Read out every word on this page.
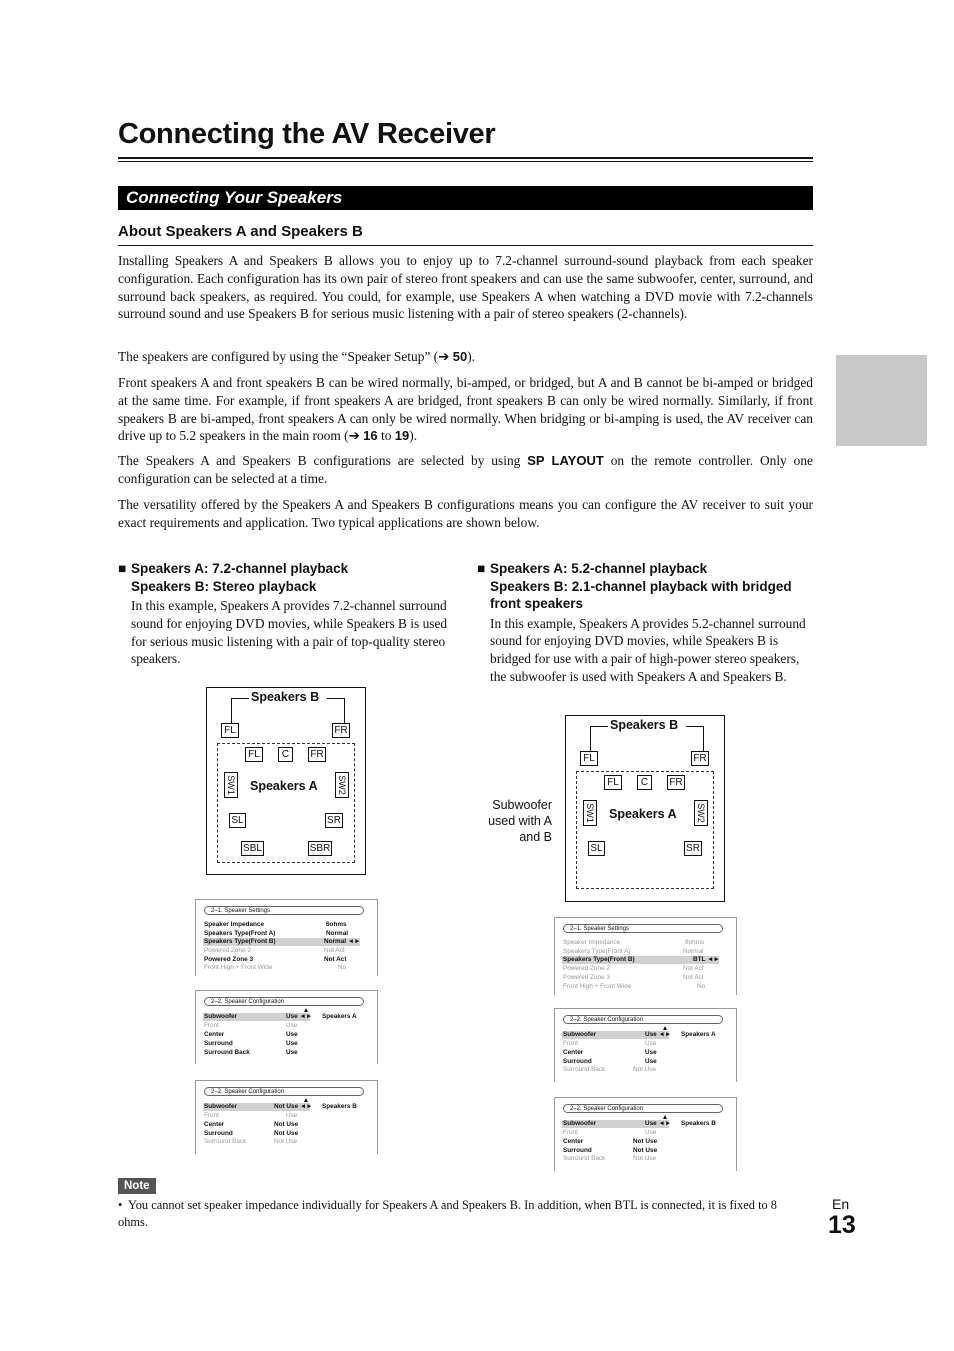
Connecting the AV Receiver
Connecting Your Speakers
About Speakers A and Speakers B

Installing Speakers A and Speakers B allows you to enjoy up to 7.2-channel surround-sound playback from each speaker configuration. Each configuration has its own pair of stereo front speakers and can use the same subwoofer, center, surround, and surround back speakers, as required. You could, for example, use Speakers A when watching a DVD movie with 7.2-channels surround sound and use Speakers B for serious music listening with a pair of stereo speakers (2-channels).

The speakers are configured by using the “Speaker Setup” (➔ 50).

Front speakers A and front speakers B can be wired normally, bi-amped, or bridged, but A and B cannot be bi-amped or bridged at the same time. For example, if front speakers A are bridged, front speakers B can only be wired normally. Similarly, if front speakers B are bi-amped, front speakers A can only be wired normally. When bridging or bi-amping is used, the AV receiver can drive up to 5.2 speakers in the main room (➔ 16 to 19).

The Speakers A and Speakers B configurations are selected by using SP LAYOUT on the remote controller. Only one configuration can be selected at a time.

The versatility offered by the Speakers A and Speakers B configurations means you can configure the AV receiver to suit your exact requirements and application. Two typical applications are shown below.

■ Speakers A: 7.2-channel playback
Speakers B: Stereo playback

In this example, Speakers A provides 7.2-channel surround sound for enjoying DVD movies, while Speakers B is used for serious music listening with a pair of top-quality stereo speakers.

Speakers B
FL	FR
FL	C	FR
SW1	SW2
Speakers A
SL	SR
SBL	SBR
2–1. Speaker Settings
Speaker Impedance	6ohms
Speakers Type(Front A)	Normal
Speakers Type(Front B)	Normal ◄►
Powered Zone 2	Not Act
Powered Zone 3	Not Act
Front High + Front Wide	No
2–2. Speaker Configuration
Subwoofer	Use ◄► Speakers A
Front	Use
Center	Use
Surround	Use
Surround Back	Use
2–2. Speaker Configuration
Subwoofer	Not Use ◄► Speakers B
Front	Use
Center	Not Use
Surround	Not Use
Surround Back	Not Use
■ Speakers A: 5.2-channel playback
Speakers B: 2.1-channel playback with bridged front speakers

In this example, Speakers A provides 5.2-channel surround sound for enjoying DVD movies, while Speakers B is bridged for use with a pair of high-power stereo speakers, the subwoofer is used with Speakers A and Speakers B.

Subwoofer used with A and B
Speakers B
FL	FR
FL	C	FR
SW1	SW2
Speakers A
SL	SR
2–1. Speaker Settings
Speaker Impedance	8ohms
Speakers Type(Front A)	Normal
Speakers Type(Front B)	BTL ◄►
Powered Zone 2	Not Act
Powered Zone 3	Not Act
Front High + Front Wide	No
2–2. Speaker Configuration
Subwoofer	Use ◄► Speakers A
Front	Use
Center	Use
Surround	Use
Surround Back	Not Use
2–2. Speaker Configuration
Subwoofer	Use ◄► Speakers B
Front	Use
Center	Not Use
Surround	Not Use
Surround Back	Not Use
Note

• You cannot set speaker impedance individually for Speakers A and Speakers B. In addition, when BTL is connected, it is fixed to 8 ohms.

En
13
